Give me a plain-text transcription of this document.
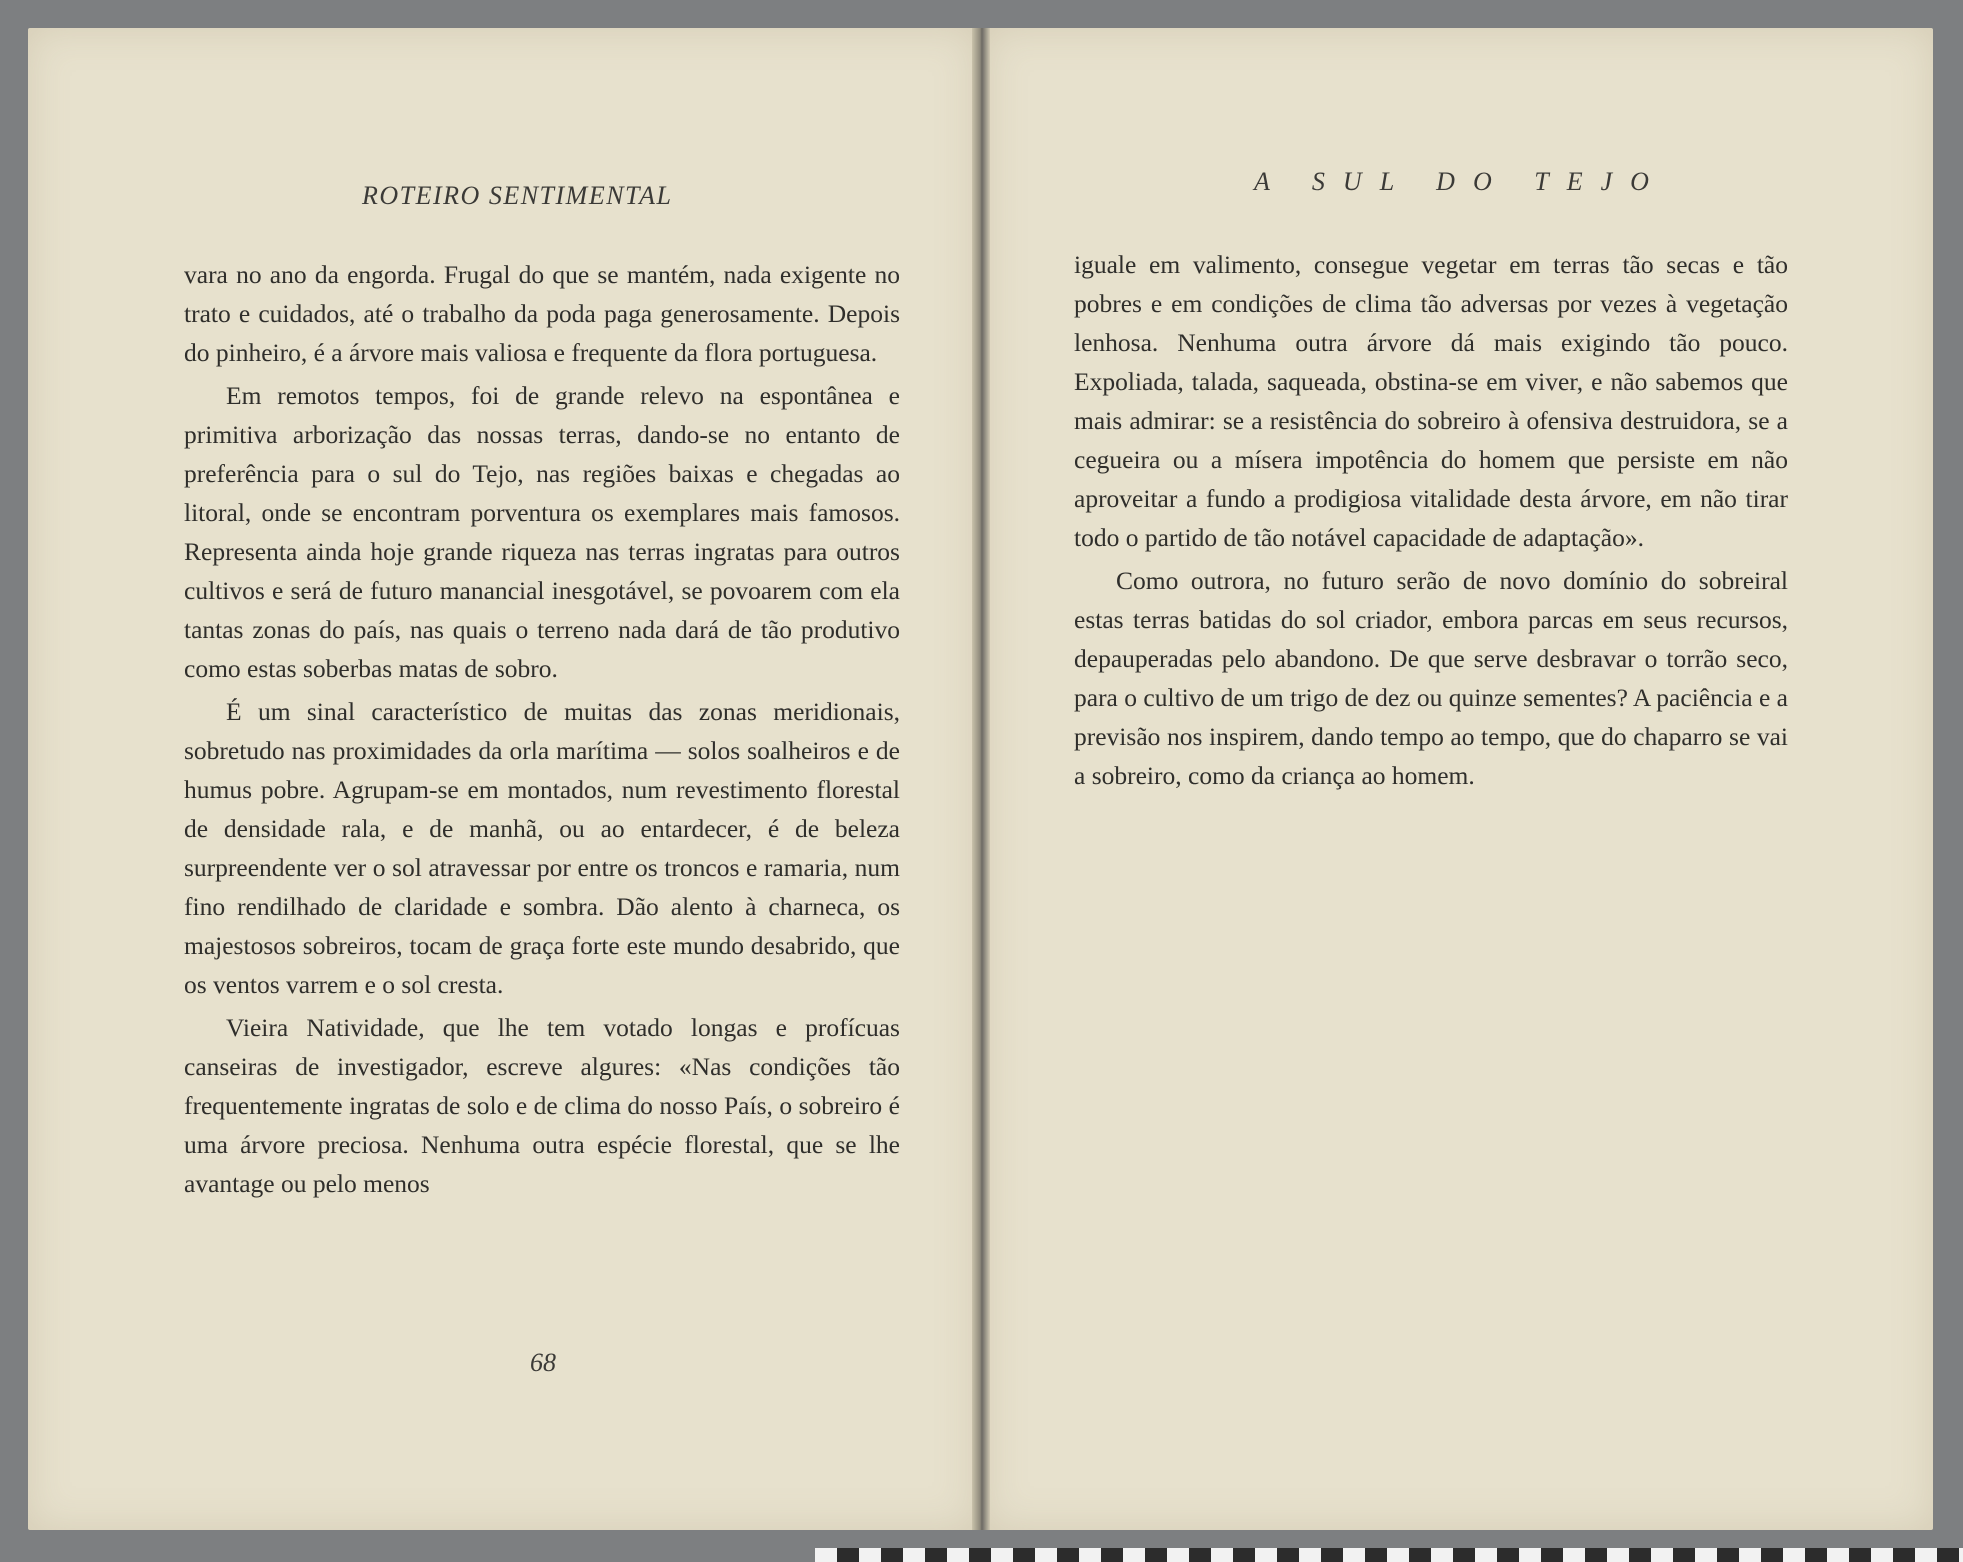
ROTEIRO SENTIMENTAL	A SUL DO TEJO

vara no ano da engorda. Frugal do que se mantém, nada exigente no trato e cuidados, até o trabalho da poda paga generosamente. Depois do pinheiro, é a árvore mais valiosa e frequente da flora portuguesa.

Em remotos tempos, foi de grande relevo na espontânea e primitiva arborização das nossas terras, dando-se no entanto de preferência para o sul do Tejo, nas regiões baixas e chegadas ao litoral, onde se encontram porventura os exemplares mais famosos. Representa ainda hoje grande riqueza nas terras ingratas para outros cultivos e será de futuro manancial inesgotável, se povoarem com ela tantas zonas do país, nas quais o terreno nada dará de tão produtivo como estas soberbas matas de sobro.

É um sinal característico de muitas das zonas meridionais, sobretudo nas proximidades da orla marítima — solos soalheiros e de humus pobre. Agrupam-se em montados, num revestimento florestal de densidade rala, e de manhã, ou ao entardecer, é de beleza surpreendente ver o sol atravessar por entre os troncos e ramaria, num fino rendilhado de claridade e sombra. Dão alento à charneca, os majestosos sobreiros, tocam de graça forte este mundo desabrido, que os ventos varrem e o sol cresta.

Vieira Natividade, que lhe tem votado longas e profícuas canseiras de investigador, escreve algures: «Nas condições tão frequentemente ingratas de solo e de clima do nosso País, o sobreiro é uma árvore preciosa. Nenhuma outra espécie florestal, que se lhe avantage ou pelo menos

iguale em valimento, consegue vegetar em terras tão secas e tão pobres e em condições de clima tão adversas por vezes à vegetação lenhosa. Nenhuma outra árvore dá mais exigindo tão pouco. Expoliada, talada, saqueada, obstina-se em viver, e não sabemos que mais admirar: se a resistência do sobreiro à ofensiva destruidora, se a cegueira ou a mísera impotência do homem que persiste em não aproveitar a fundo a prodigiosa vitalidade desta árvore, em não tirar todo o partido de tão notável capacidade de adaptação».

Como outrora, no futuro serão de novo domínio do sobreiral estas terras batidas do sol criador, embora parcas em seus recursos, depauperadas pelo abandono. De que serve desbravar o torrão seco, para o cultivo de um trigo de dez ou quinze sementes? A paciência e a previsão nos inspirem, dando tempo ao tempo, que do chaparro se vai a sobreiro, como da criança ao homem.

68
